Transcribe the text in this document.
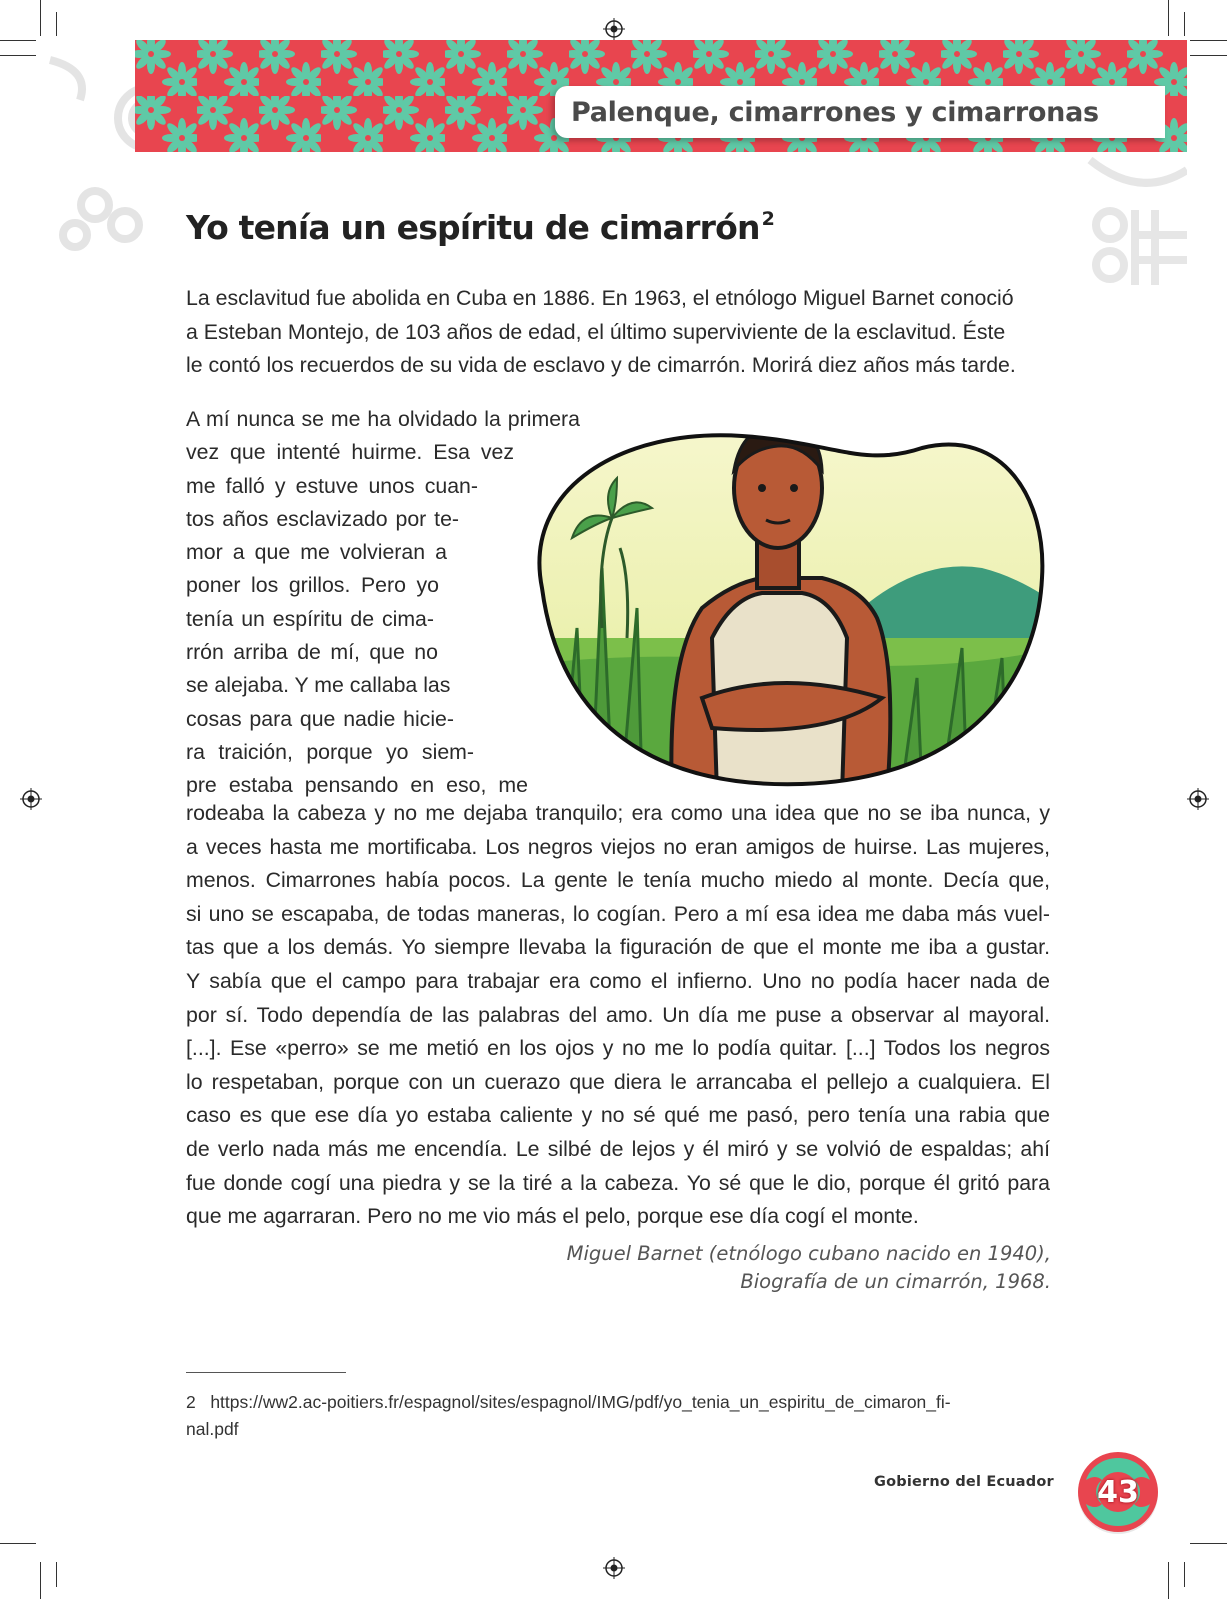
Palenque, cimarrones y cimarronas
Yo tenía un espíritu de cimarrón $^2$
La esclavitud fue abolida en Cuba en 1886. En 1963, el etnólogo Miguel Barnet conoció
a Esteban Montejo, de 103 años de edad, el último superviviente de la esclavitud. Éste
le contó los recuerdos de su vida de esclavo y de cimarrón. Morirá diez años más tarde.
A mí nunca se me ha olvidado la primera
vez que intenté huirme. Esa vez
me falló y estuve unos cuan-
tos años esclavizado por te-
mor a que me volvieran a
poner los grillos. Pero yo
tenía un espíritu de cima-
rrón arriba de mí, que no
se alejaba. Y me callaba las
cosas para que nadie hicie-
ra traición, porque yo siem-
pre estaba pensando en eso, me
rodeaba la cabeza y no me dejaba tranquilo; era como una idea que no se iba nunca, y
a veces hasta me mortificaba. Los negros viejos no eran amigos de huirse. Las mujeres,
menos. Cimarrones había pocos. La gente le tenía mucho miedo al monte. Decía que,
si uno se escapaba, de todas maneras, lo cogían. Pero a mí esa idea me daba más vuel-
tas que a los demás. Yo siempre llevaba la figuración de que el monte me iba a gustar.
Y sabía que el campo para trabajar era como el infierno. Uno no podía hacer nada de
por sí. Todo dependía de las palabras del amo. Un día me puse a observar al mayoral.
[...]. Ese «perro» se me metió en los ojos y no me lo podía quitar. [...] Todos los negros
lo respetaban, porque con un cuerazo que diera le arrancaba el pellejo a cualquiera. El
caso es que ese día yo estaba caliente y no sé qué me pasó, pero tenía una rabia que
de verlo nada más me encendía. Le silbé de lejos y él miró y se volvió de espaldas; ahí
fue donde cogí una piedra y se la tiré a la cabeza. Yo sé que le dio, porque él gritó para
que me agarraran. Pero no me vio más el pelo, porque ese día cogí el monte.
Miguel Barnet (etnólogo cubano nacido en 1940),
Biografía de un cimarrón, 1968.
2 https://ww2.ac-poitiers.fr/espagnol/sites/espagnol/IMG/pdf/yo_tenia_un_espiritu_de_cimaron_fi-
nal.pdf
Gobierno del Ecuador	43
